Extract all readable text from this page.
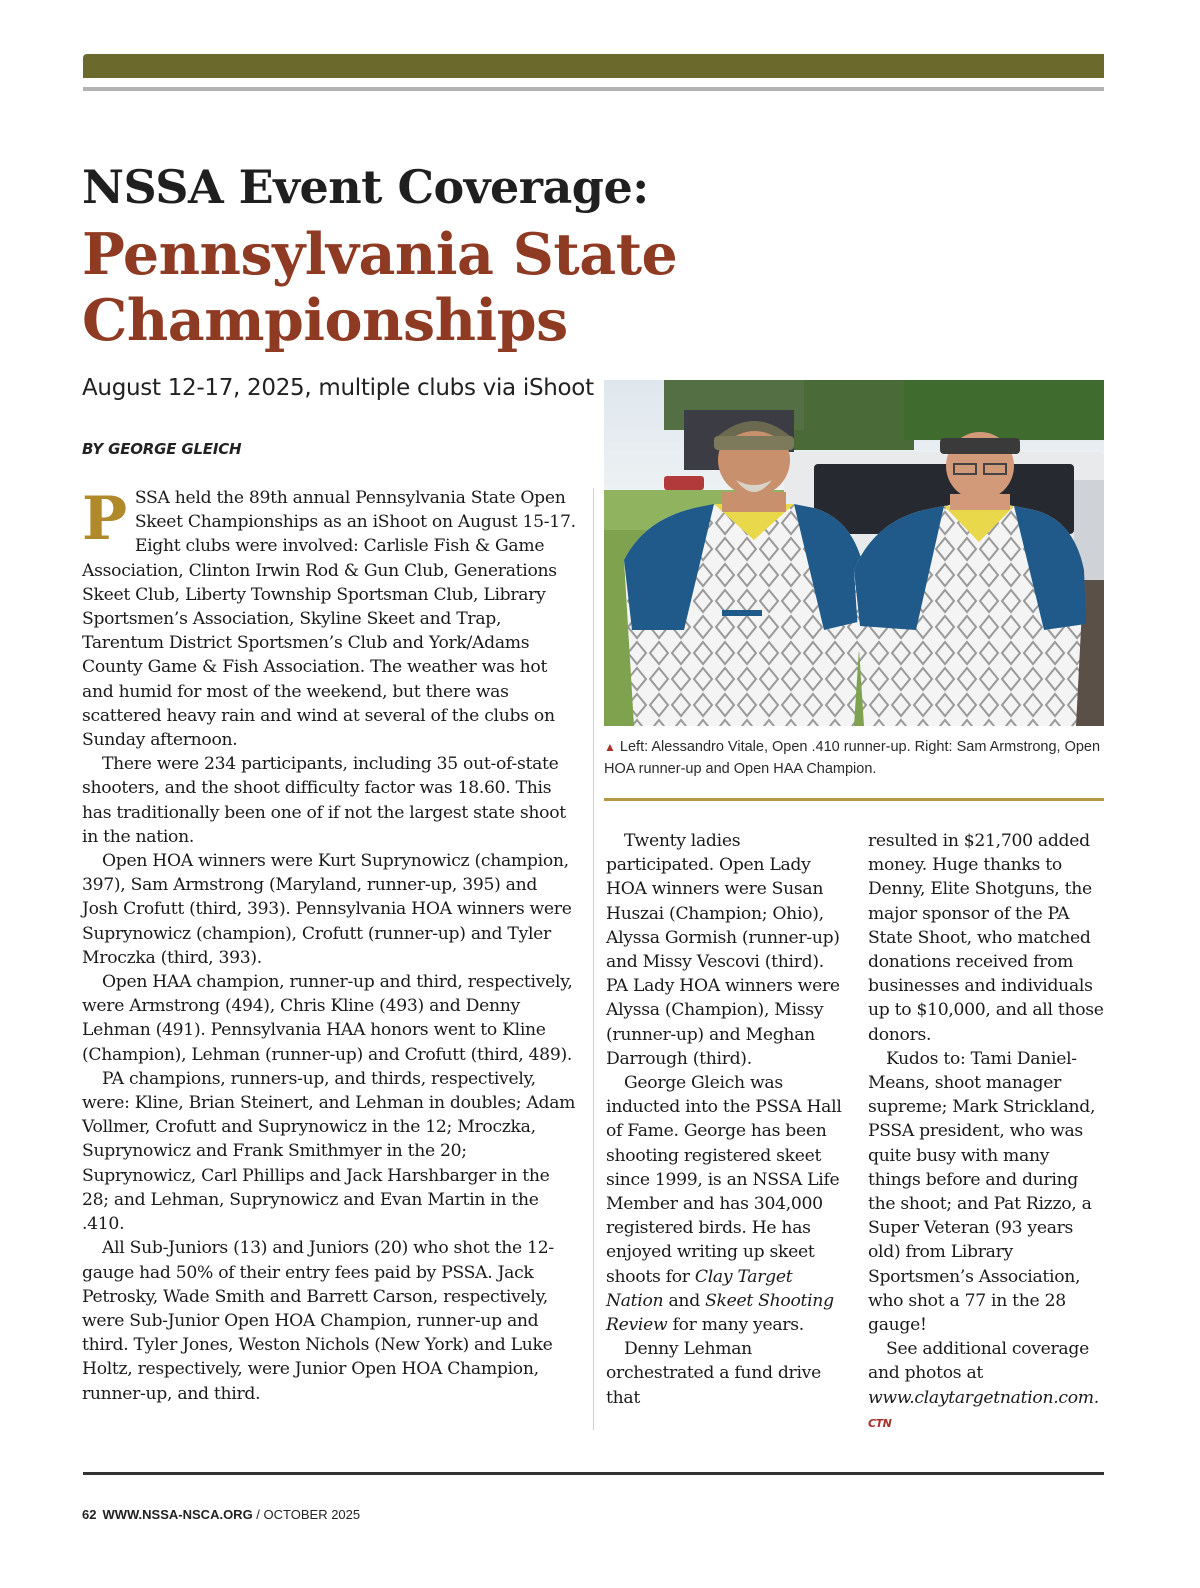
NSSA Event Coverage:
Pennsylvania State Championships
August 12-17, 2025, multiple clubs via iShoot
BY GEORGE GLEICH

PSSA held the 89th annual Pennsylvania State Open Skeet Championships as an iShoot on August 15-17. Eight clubs were involved: Carlisle Fish & Game Association, Clinton Irwin Rod & Gun Club, Generations Skeet Club, Liberty Township Sportsman Club, Library Sportsmen’s Association, Skyline Skeet and Trap, Tarentum District Sportsmen’s Club and York/Adams County Game & Fish Association. The weather was hot and humid for most of the weekend, but there was scattered heavy rain and wind at several of the clubs on Sunday afternoon.

There were 234 participants, including 35 out-of-state shooters, and the shoot difficulty factor was 18.60. This has traditionally been one of if not the largest state shoot in the nation.

Open HOA winners were Kurt Suprynowicz (champion, 397), Sam Armstrong (Maryland, runner-up, 395) and Josh Crofutt (third, 393). Pennsylvania HOA winners were Suprynowicz (champion), Crofutt (runner-up) and Tyler Mroczka (third, 393).

Open HAA champion, runner-up and third, respectively, were Armstrong (494), Chris Kline (493) and Denny Lehman (491). Pennsylvania HAA honors went to Kline (Champion), Lehman (runner-up) and Crofutt (third, 489).

PA champions, runners-up, and thirds, respectively, were: Kline, Brian Steinert, and Lehman in doubles; Adam Vollmer, Crofutt and Suprynowicz in the 12; Mroczka, Suprynowicz and Frank Smithmyer in the 20; Suprynowicz, Carl Phillips and Jack Harshbarger in the 28; and Lehman, Suprynowicz and Evan Martin in the .410.

All Sub-Juniors (13) and Juniors (20) who shot the 12-gauge had 50% of their entry fees paid by PSSA. Jack Petrosky, Wade Smith and Barrett Carson, respectively, were Sub-Junior Open HOA Champion, runner-up and third. Tyler Jones, Weston Nichols (New York) and Luke Holtz, respectively, were Junior Open HOA Champion, runner-up, and third.

▲ Left: Alessandro Vitale, Open .410 runner-up. Right: Sam Armstrong, Open HOA runner-up and Open HAA Champion.

Twenty ladies participated. Open Lady HOA winners were Susan Huszai (Champion; Ohio), Alyssa Gormish (runner-up) and Missy Vescovi (third). PA Lady HOA winners were Alyssa (Champion), Missy (runner-up) and Meghan Darrough (third).

George Gleich was inducted into the PSSA Hall of Fame. George has been shooting registered skeet since 1999, is an NSSA Life Member and has 304,000 registered birds. He has enjoyed writing up skeet shoots for Clay Target Nation and Skeet Shooting Review for many years.

Denny Lehman orchestrated a fund drive that

resulted in $21,700 added money. Huge thanks to Denny, Elite Shotguns, the major sponsor of the PA State Shoot, who matched donations received from businesses and individuals up to $10,000, and all those donors.

Kudos to: Tami Daniel-Means, shoot manager supreme; Mark Strickland, PSSA president, who was quite busy with many things before and during the shoot; and Pat Rizzo, a Super Veteran (93 years old) from Library Sportsmen’s Association, who shot a 77 in the 28 gauge!

See additional coverage and photos at www.claytargetnation.com. CTN

62 WWW.NSSA-NSCA.ORG / OCTOBER 2025
